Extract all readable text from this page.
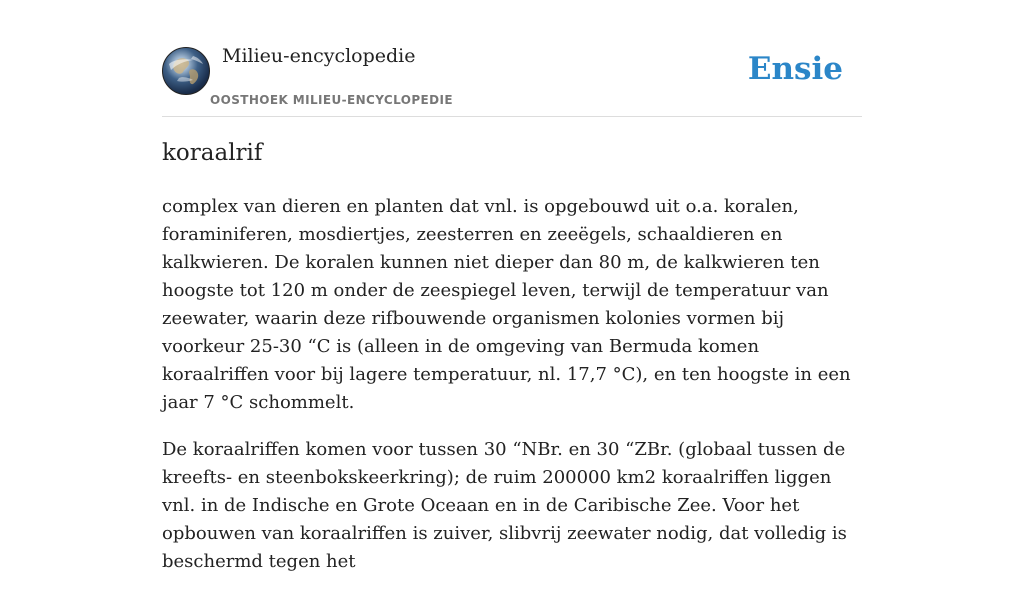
Milieu-encyclopedie
OOSTHOEK MILIEU-ENCYCLOPEDIE
Ensie
koraalrif

complex van dieren en planten dat vnl. is opgebouwd uit o.a. koralen, foraminiferen, mosdiertjes, zeesterren en zeeëgels, schaaldieren en kalkwieren. De koralen kunnen niet dieper dan 80 m, de kalkwieren ten hoogste tot 120 m onder de zeespiegel leven, terwijl de temperatuur van zeewater, waarin deze rifbouwende organismen kolonies vormen bij voorkeur 25-30 “C is (alleen in de omgeving van Bermuda komen koraalriffen voor bij lagere temperatuur, nl. 17,7 °C), en ten hoogste in een jaar 7 °C schommelt.

De koraalriffen komen voor tussen 30 “NBr. en 30 “ZBr. (globaal tussen de kreefts- en steenbokskeerkring); de ruim 200000 km2 koraalriffen liggen vnl. in de Indische en Grote Oceaan en in de Caribische Zee. Voor het opbouwen van koraalriffen is zuiver, slibvrij zeewater nodig, dat volledig is beschermd tegen het
